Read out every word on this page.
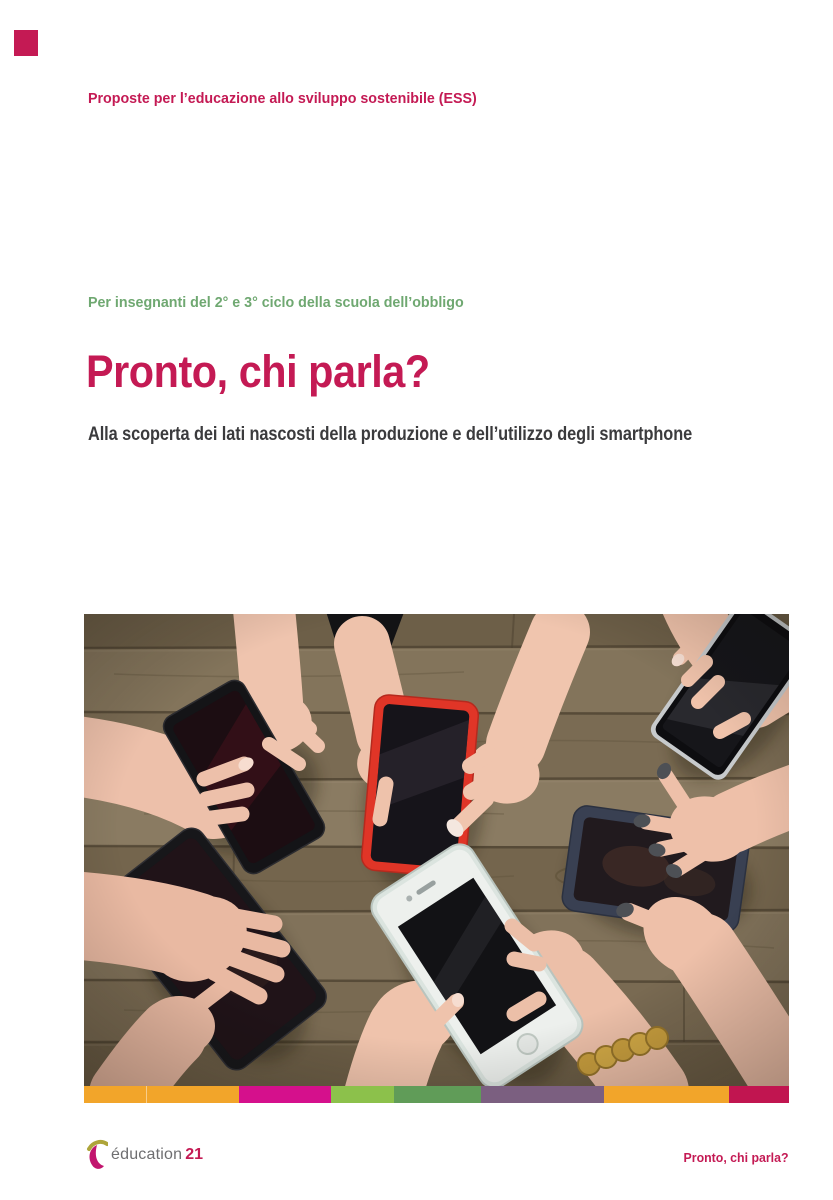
Proposte per l’educazione allo sviluppo sostenibile (ESS)
Per insegnanti del 2° e 3° ciclo della scuola dell’obbligo
Pronto, chi parla?
Alla scoperta dei lati nascosti della produzione e dell’utilizzo degli smartphone
éducation 21	Pronto, chi parla?
